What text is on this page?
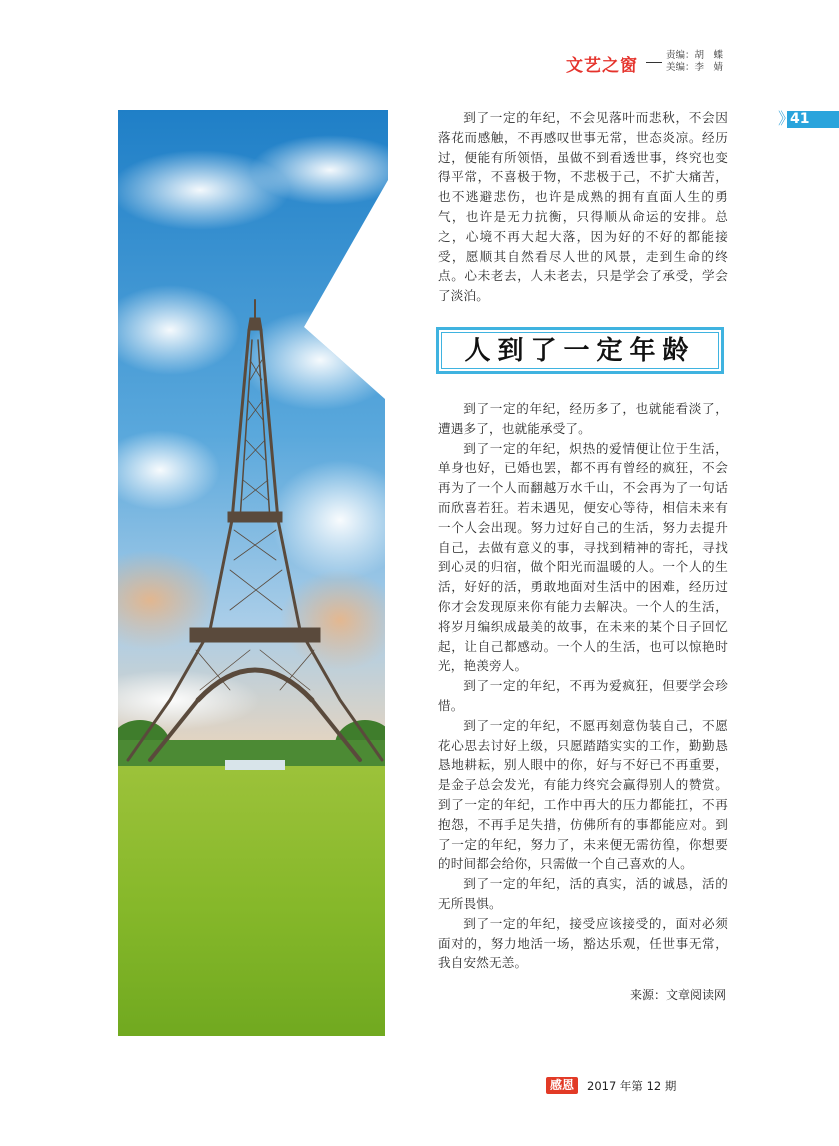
文艺之窗
责编：胡　蝶
美编：李　婧
》
41

到了一定的年纪，不会见落叶而悲秋，不会因落花而感触，不再感叹世事无常，世态炎凉。经历过，便能有所领悟，虽做不到看透世事，终究也变得平常，不喜极于物，不悲极于己，不扩大痛苦，也不逃避悲伤，也许是成熟的拥有直面人生的勇气，也许是无力抗衡，只得顺从命运的安排。总之，心境不再大起大落，因为好的不好的都能接受，愿顺其自然看尽人世的风景，走到生命的终点。心未老去，人未老去，只是学会了承受，学会了淡泊。

人到了一定年龄

到了一定的年纪，经历多了，也就能看淡了，遭遇多了，也就能承受了。

到了一定的年纪，炽热的爱情便让位于生活，单身也好，已婚也罢，都不再有曾经的疯狂，不会再为了一个人而翻越万水千山，不会再为了一句话而欣喜若狂。若未遇见，便安心等待，相信未来有一个人会出现。努力过好自己的生活，努力去提升自己，去做有意义的事，寻找到精神的寄托，寻找到心灵的归宿，做个阳光而温暖的人。一个人的生活，好好的活，勇敢地面对生活中的困难，经历过你才会发现原来你有能力去解决。一个人的生活，将岁月编织成最美的故事，在未来的某个日子回忆起，让自己都感动。一个人的生活，也可以惊艳时光，艳羡旁人。

到了一定的年纪，不再为爱疯狂，但要学会珍惜。

到了一定的年纪，不愿再刻意伪装自己，不愿花心思去讨好上级，只愿踏踏实实的工作，勤勤恳恳地耕耘，别人眼中的你，好与不好已不再重要，是金子总会发光，有能力终究会赢得别人的赞赏。到了一定的年纪，工作中再大的压力都能扛，不再抱怨，不再手足失措，仿佛所有的事都能应对。到了一定的年纪，努力了，未来便无需彷徨，你想要的时间都会给你，只需做一个自己喜欢的人。

到了一定的年纪，活的真实，活的诚恳，活的无所畏惧。

到了一定的年纪，接受应该接受的，面对必须面对的，努力地活一场，豁达乐观，任世事无常，我自安然无恙。

来源：文章阅读网
感恩	2017 年第 12 期
